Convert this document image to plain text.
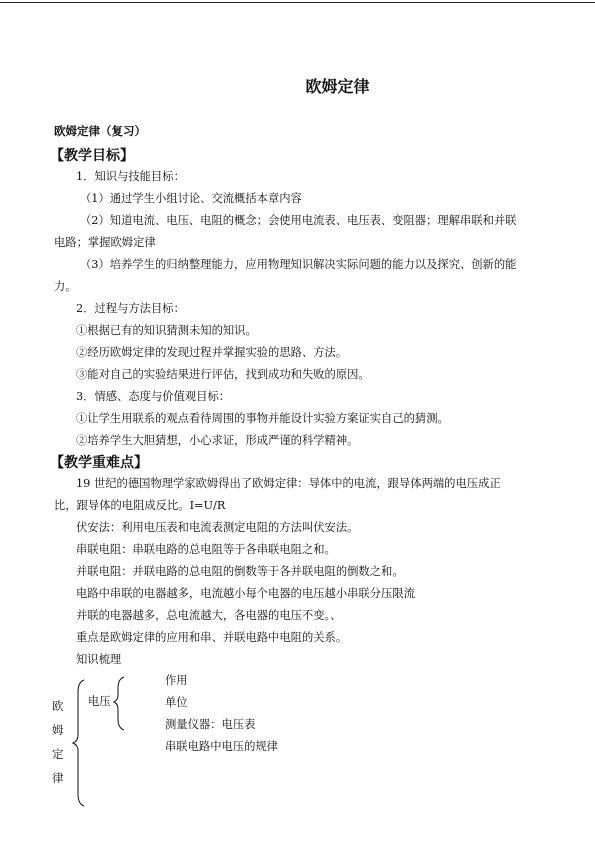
欧姆定律
欧姆定律（复习）
【教学目标】
1．知识与技能目标：
（1）通过学生小组讨论、交流概括本章内容
（2）知道电流、电压、电阻的概念；会使用电流表、电压表、变阻器；理解串联和并联
电路；掌握欧姆定律
（3）培养学生的归纳整理能力，应用物理知识解决实际问题的能力以及探究、创新的能
力。
2．过程与方法目标：
①根据已有的知识猜测未知的知识。
②经历欧姆定律的发现过程并掌握实验的思路、方法。
③能对自己的实验结果进行评估，找到成功和失败的原因。
3．情感、态度与价值观目标：
①让学生用联系的观点看待周围的事物并能设计实验方案证实自己的猜测。
②培养学生大胆猜想，小心求证，形成严谨的科学精神。
【教学重难点】
19 世纪的德国物理学家欧姆得出了欧姆定律：导体中的电流，跟导体两端的电压成正
比，跟导体的电阻成反比。I=U/R
伏安法：利用电压表和电流表测定电阻的方法叫伏安法。
串联电阻：串联电路的总电阻等于各串联电阻之和。
并联电阻：并联电路的总电阻的倒数等于各并联电阻的倒数之和。
电路中串联的电器越多，电流越小每个电器的电压越小串联分压限流
并联的电器越多，总电流越大，各电器的电压不变。、
重点是欧姆定律的应用和串、并联电路中电阻的关系。
知识梳理
欧
姆
定
律
电压
作用
单位
测量仪器：电压表
串联电路中电压的规律
